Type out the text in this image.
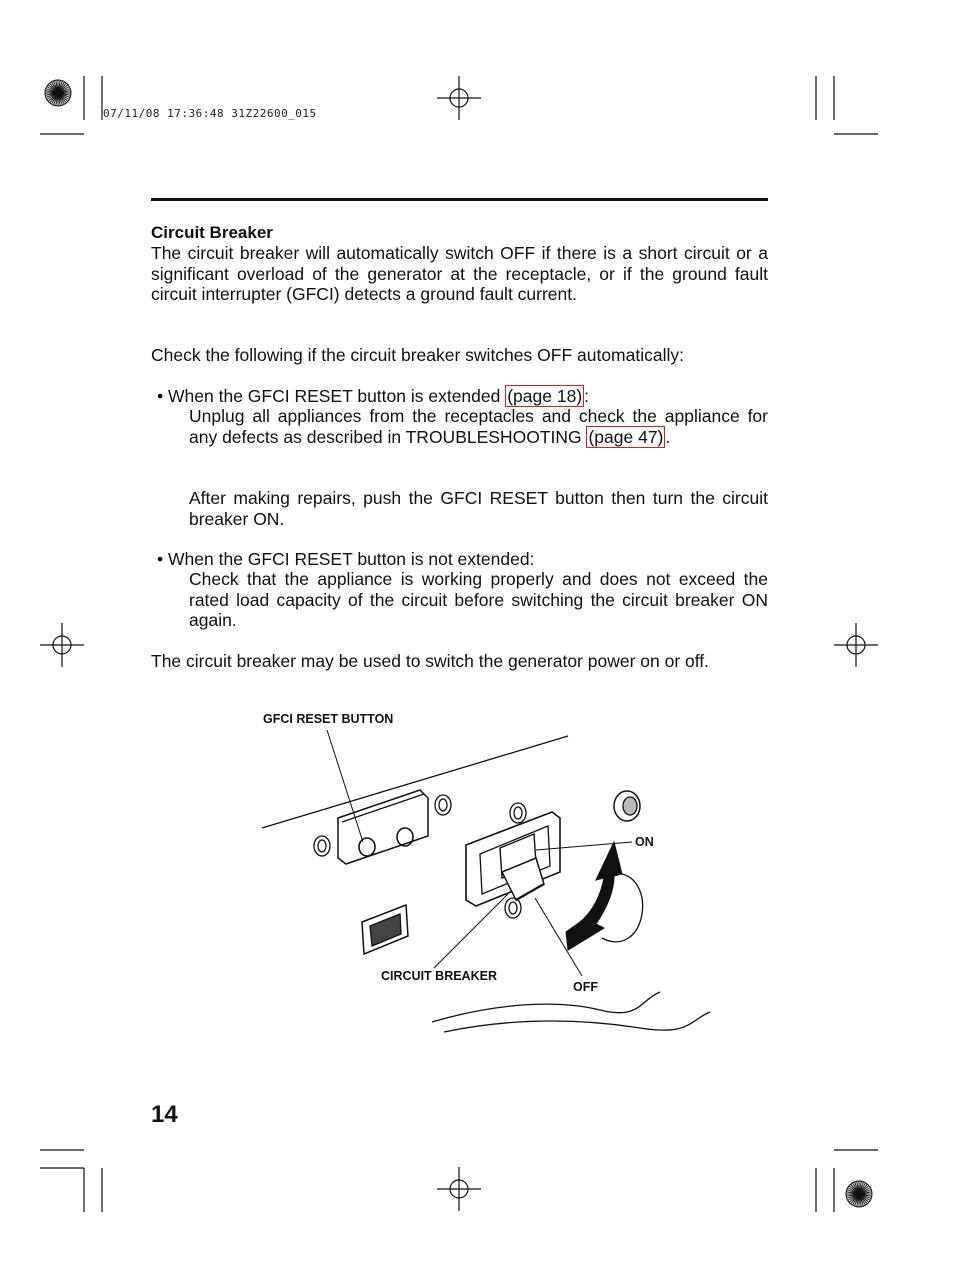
07/11/08 17:36:48 31Z22600_015
Circuit Breaker
The circuit breaker will automatically switch OFF if there is a short circuit or a significant overload of the generator at the receptacle, or if the ground fault circuit interrupter (GFCI) detects a ground fault current.
Check the following if the circuit breaker switches OFF automatically:
• When the GFCI RESET button is extended (page 18) :
Unplug all appliances from the receptacles and check the appliance for any defects as described in TROUBLESHOOTING (page 47) .
After making repairs, push the GFCI RESET button then turn the circuit breaker ON.
• When the GFCI RESET button is not extended:
Check that the appliance is working properly and does not exceed the rated load capacity of the circuit before switching the circuit breaker ON again.
The circuit breaker may be used to switch the generator power on or off.
GFCI RESET BUTTON
ON
CIRCUIT BREAKER
OFF
14
